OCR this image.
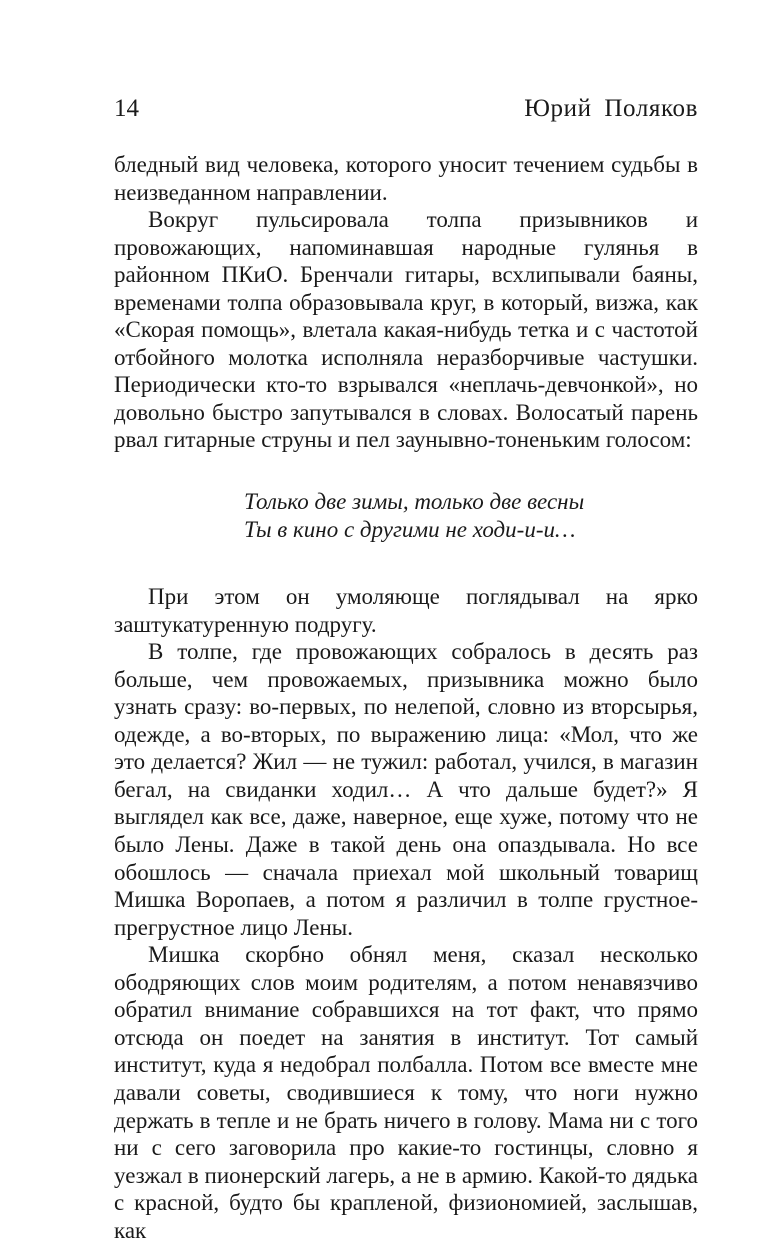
14	Юрий Поляков

бледный вид человека, которого уносит течением судьбы в неизведанном направлении.

Вокруг пульсировала толпа призывников и провожающих, напоминавшая народные гулянья в районном ПКиО. Бренчали гитары, всхлипывали баяны, временами толпа образовывала круг, в который, визжа, как «Скорая помощь», влетала какая-нибудь тетка и с частотой отбойного молотка исполняла неразборчивые частушки. Периодически кто-то взрывался «неплачь-девчонкой», но довольно быстро запутывался в словах. Волосатый парень рвал гитарные струны и пел заунывно-тоненьким голосом:

Только две зимы, только две весны
Ты в кино с другими не ходи-и-и…

При этом он умоляюще поглядывал на ярко заштукатуренную подругу.

В толпе, где провожающих собралось в десять раз больше, чем провожаемых, призывника можно было узнать сразу: во-первых, по нелепой, словно из вторсырья, одежде, а во-вторых, по выражению лица: «Мол, что же это делается? Жил — не тужил: работал, учился, в магазин бегал, на свиданки ходил… А что дальше будет?» Я выглядел как все, даже, наверное, еще хуже, потому что не было Лены. Даже в такой день она опаздывала. Но все обошлось — сначала приехал мой школьный товарищ Мишка Воропаев, а потом я различил в толпе грустное-прегрустное лицо Лены.

Мишка скорбно обнял меня, сказал несколько ободряющих слов моим родителям, а потом ненавязчиво обратил внимание собравшихся на тот факт, что прямо отсюда он поедет на занятия в институт. Тот самый институт, куда я недобрал полбалла. Потом все вместе мне давали советы, сводившиеся к тому, что ноги нужно держать в тепле и не брать ничего в голову. Мама ни с того ни с сего заговорила про какие-то гостинцы, словно я уезжал в пионерский лагерь, а не в армию. Какой-то дядька с красной, будто бы крапленой, физиономией, заслышав, как
